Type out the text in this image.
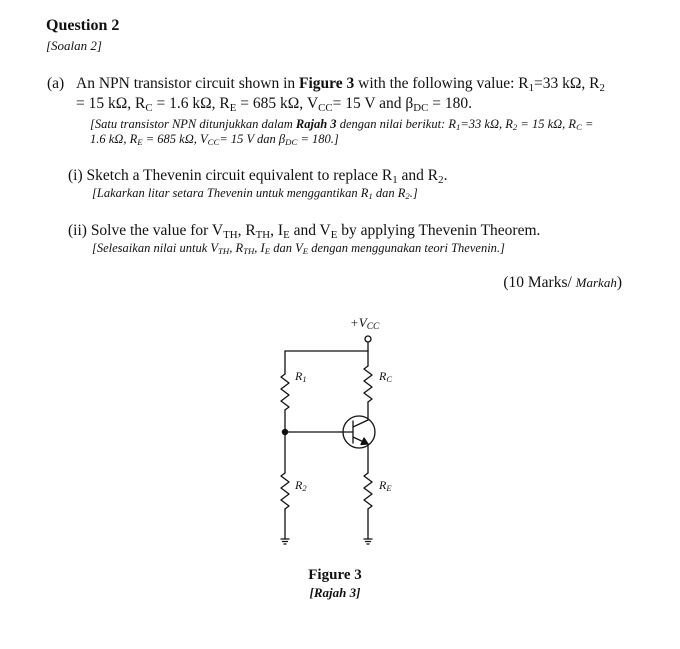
Question 2
[Soalan 2]
(a) An NPN transistor circuit shown in Figure 3 with the following value: $R_1=33$ kΩ, $R_2$
= 15 kΩ, $R_C = 1.6$ kΩ, $R_E = 685$ kΩ, $V_{CC}= 15$ V and $\beta_{DC} = 180$.
[Satu transistor NPN ditunjukkan dalam Rajah 3 dengan nilai berikut: $R_1=33$ kΩ, $R_2 = 15$ kΩ, $R_C$ =
1.6 kΩ, $R_E = 685$ kΩ, $V_{CC}= 15$ V dan $\beta_{DC} = 180$.]
(i) Sketch a Thevenin circuit equivalent to replace $R_1$ and $R_2$.
[Lakarkan litar setara Thevenin untuk menggantikan $R_1$ dan $R_2$.]
(ii) Solve the value for $V_{TH}$, $R_{TH}$, $I_E$ and $V_E$ by applying Thevenin Theorem.
[Selesaikan nilai untuk $V_{TH}$, $R_{TH}$, $I_E$ dan $V_E$ dengan menggunakan teori Thevenin.]
(10 Marks/ Markah)
+VCC
R1	RC
R2	RE
Figure 3
[Rajah 3]
